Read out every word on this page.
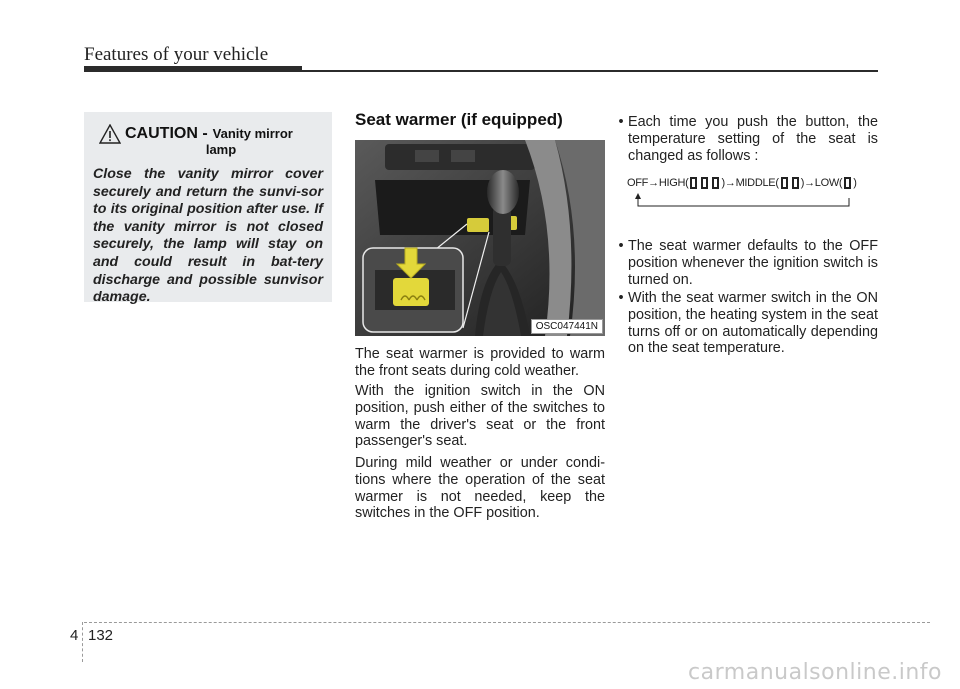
Features of your vehicle
CAUTION - Vanity mirror
lamp
Close the vanity mirror cover securely and return the sunvi-sor to its original position after use. If the vanity mirror is not closed securely, the lamp will stay on and could result in bat-tery discharge and possible sunvisor damage.
Seat warmer (if equipped)
OSC047441N
The seat warmer is provided to warm the front seats during cold weather.
With the ignition switch in the ON position, push either of the switches to warm the driver's seat or the front passenger's seat.
During mild weather or under condi-tions where the operation of the seat warmer is not needed, keep the switches in the OFF position.
• Each time you push the button, the temperature setting of the seat is changed as follows :
OFF → HIGH(	) → MIDDLE( ) → LOW( )
• The seat warmer defaults to the OFF position whenever the ignition switch is turned on.
• With the seat warmer switch in the ON position, the heating system in the seat turns off or on automatically depending on the seat temperature.
4 132
carmanualsonline.info
